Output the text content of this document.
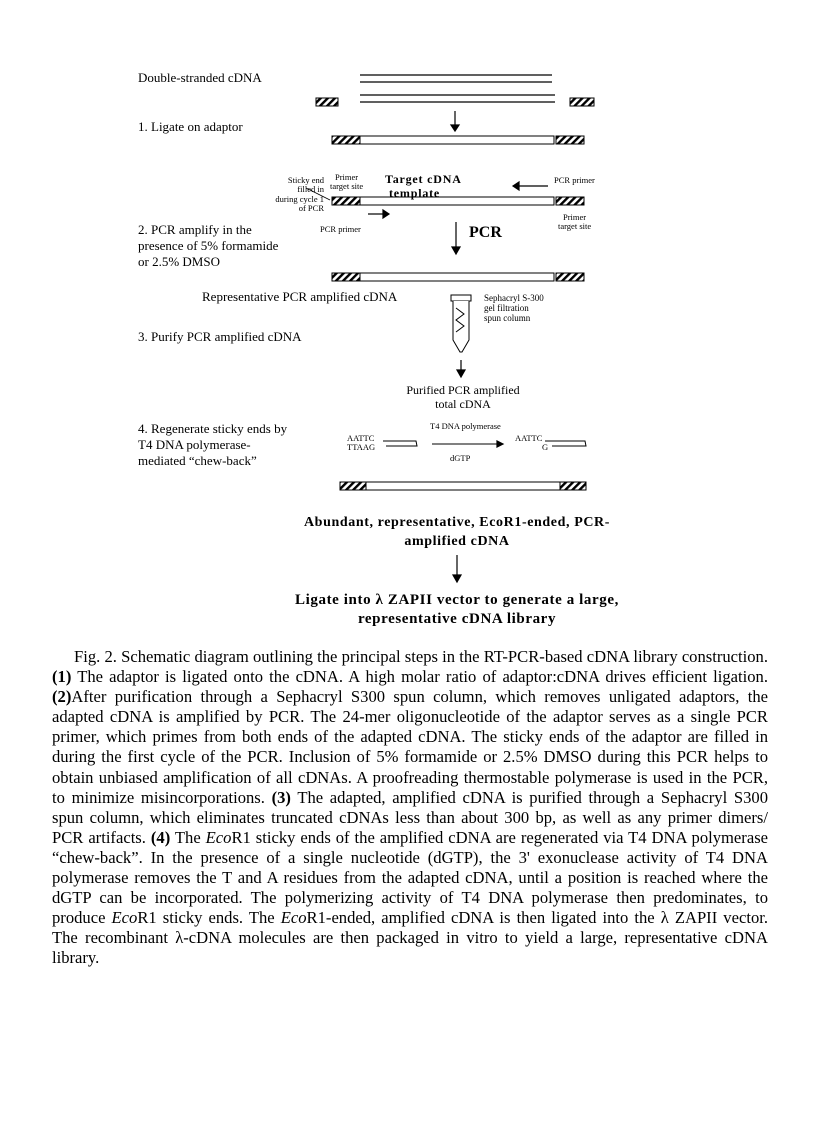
Double-stranded cDNA
1. Ligate on adaptor
Sticky end
filled in
during cycle 1
of PCR
Primer
target site
Target cDNA
template
PCR primer
PCR primer
Primer
target site
2. PCR amplify in the
presence of 5% formamide
or 2.5% DMSO
PCR
Representative PCR amplified cDNA	Sephacryl S-300
gel filtration
spun column
3. Purify PCR amplified cDNA
Purified PCR amplified
total cDNA
4. Regenerate sticky ends by
T4 DNA polymerase-
mediated “chew-back”
T4 DNA polymerase
dGTP
AATTC
TTAAG
AATTC
G
Abundant, representative, EcoR1-ended, PCR-
amplified cDNA
Ligate into λ ZAPII vector to generate a large,
representative cDNA library

Fig. 2. Schematic diagram outlining the principal steps in the RT-PCR-based cDNA library construction. (1) The adaptor is ligated onto the cDNA. A high molar ratio of adaptor:cDNA drives efficient ligation. (2)After purification through a Sephacryl S300 spun column, which removes unligated adaptors, the adapted cDNA is amplified by PCR. The 24-mer oligonucleotide of the adaptor serves as a single PCR primer, which primes from both ends of the adapted cDNA. The sticky ends of the adaptor are filled in during the first cycle of the PCR. Inclusion of 5% formamide or 2.5% DMSO during this PCR helps to obtain unbiased amplification of all cDNAs. A proofreading thermostable polymerase is used in the PCR, to minimize misincorporations. (3) The adapted, amplified cDNA is purified through a Sephacryl S300 spun column, which eliminates truncated cDNAs less than about 300 bp, as well as any primer dimers/ PCR artifacts. (4) The EcoR1 sticky ends of the amplified cDNA are regenerated via T4 DNA polymerase “chew-back”. In the presence of a single nucleotide (dGTP), the 3' exonuclease activity of T4 DNA polymerase removes the T and A residues from the adapted cDNA, until a position is reached where the dGTP can be incorporated. The polymerizing activity of T4 DNA polymerase then predominates, to produce EcoR1 sticky ends. The EcoR1-ended, amplified cDNA is then ligated into the λ ZAPII vector. The recombinant λ-cDNA molecules are then packaged in vitro to yield a large, representative cDNA library.
